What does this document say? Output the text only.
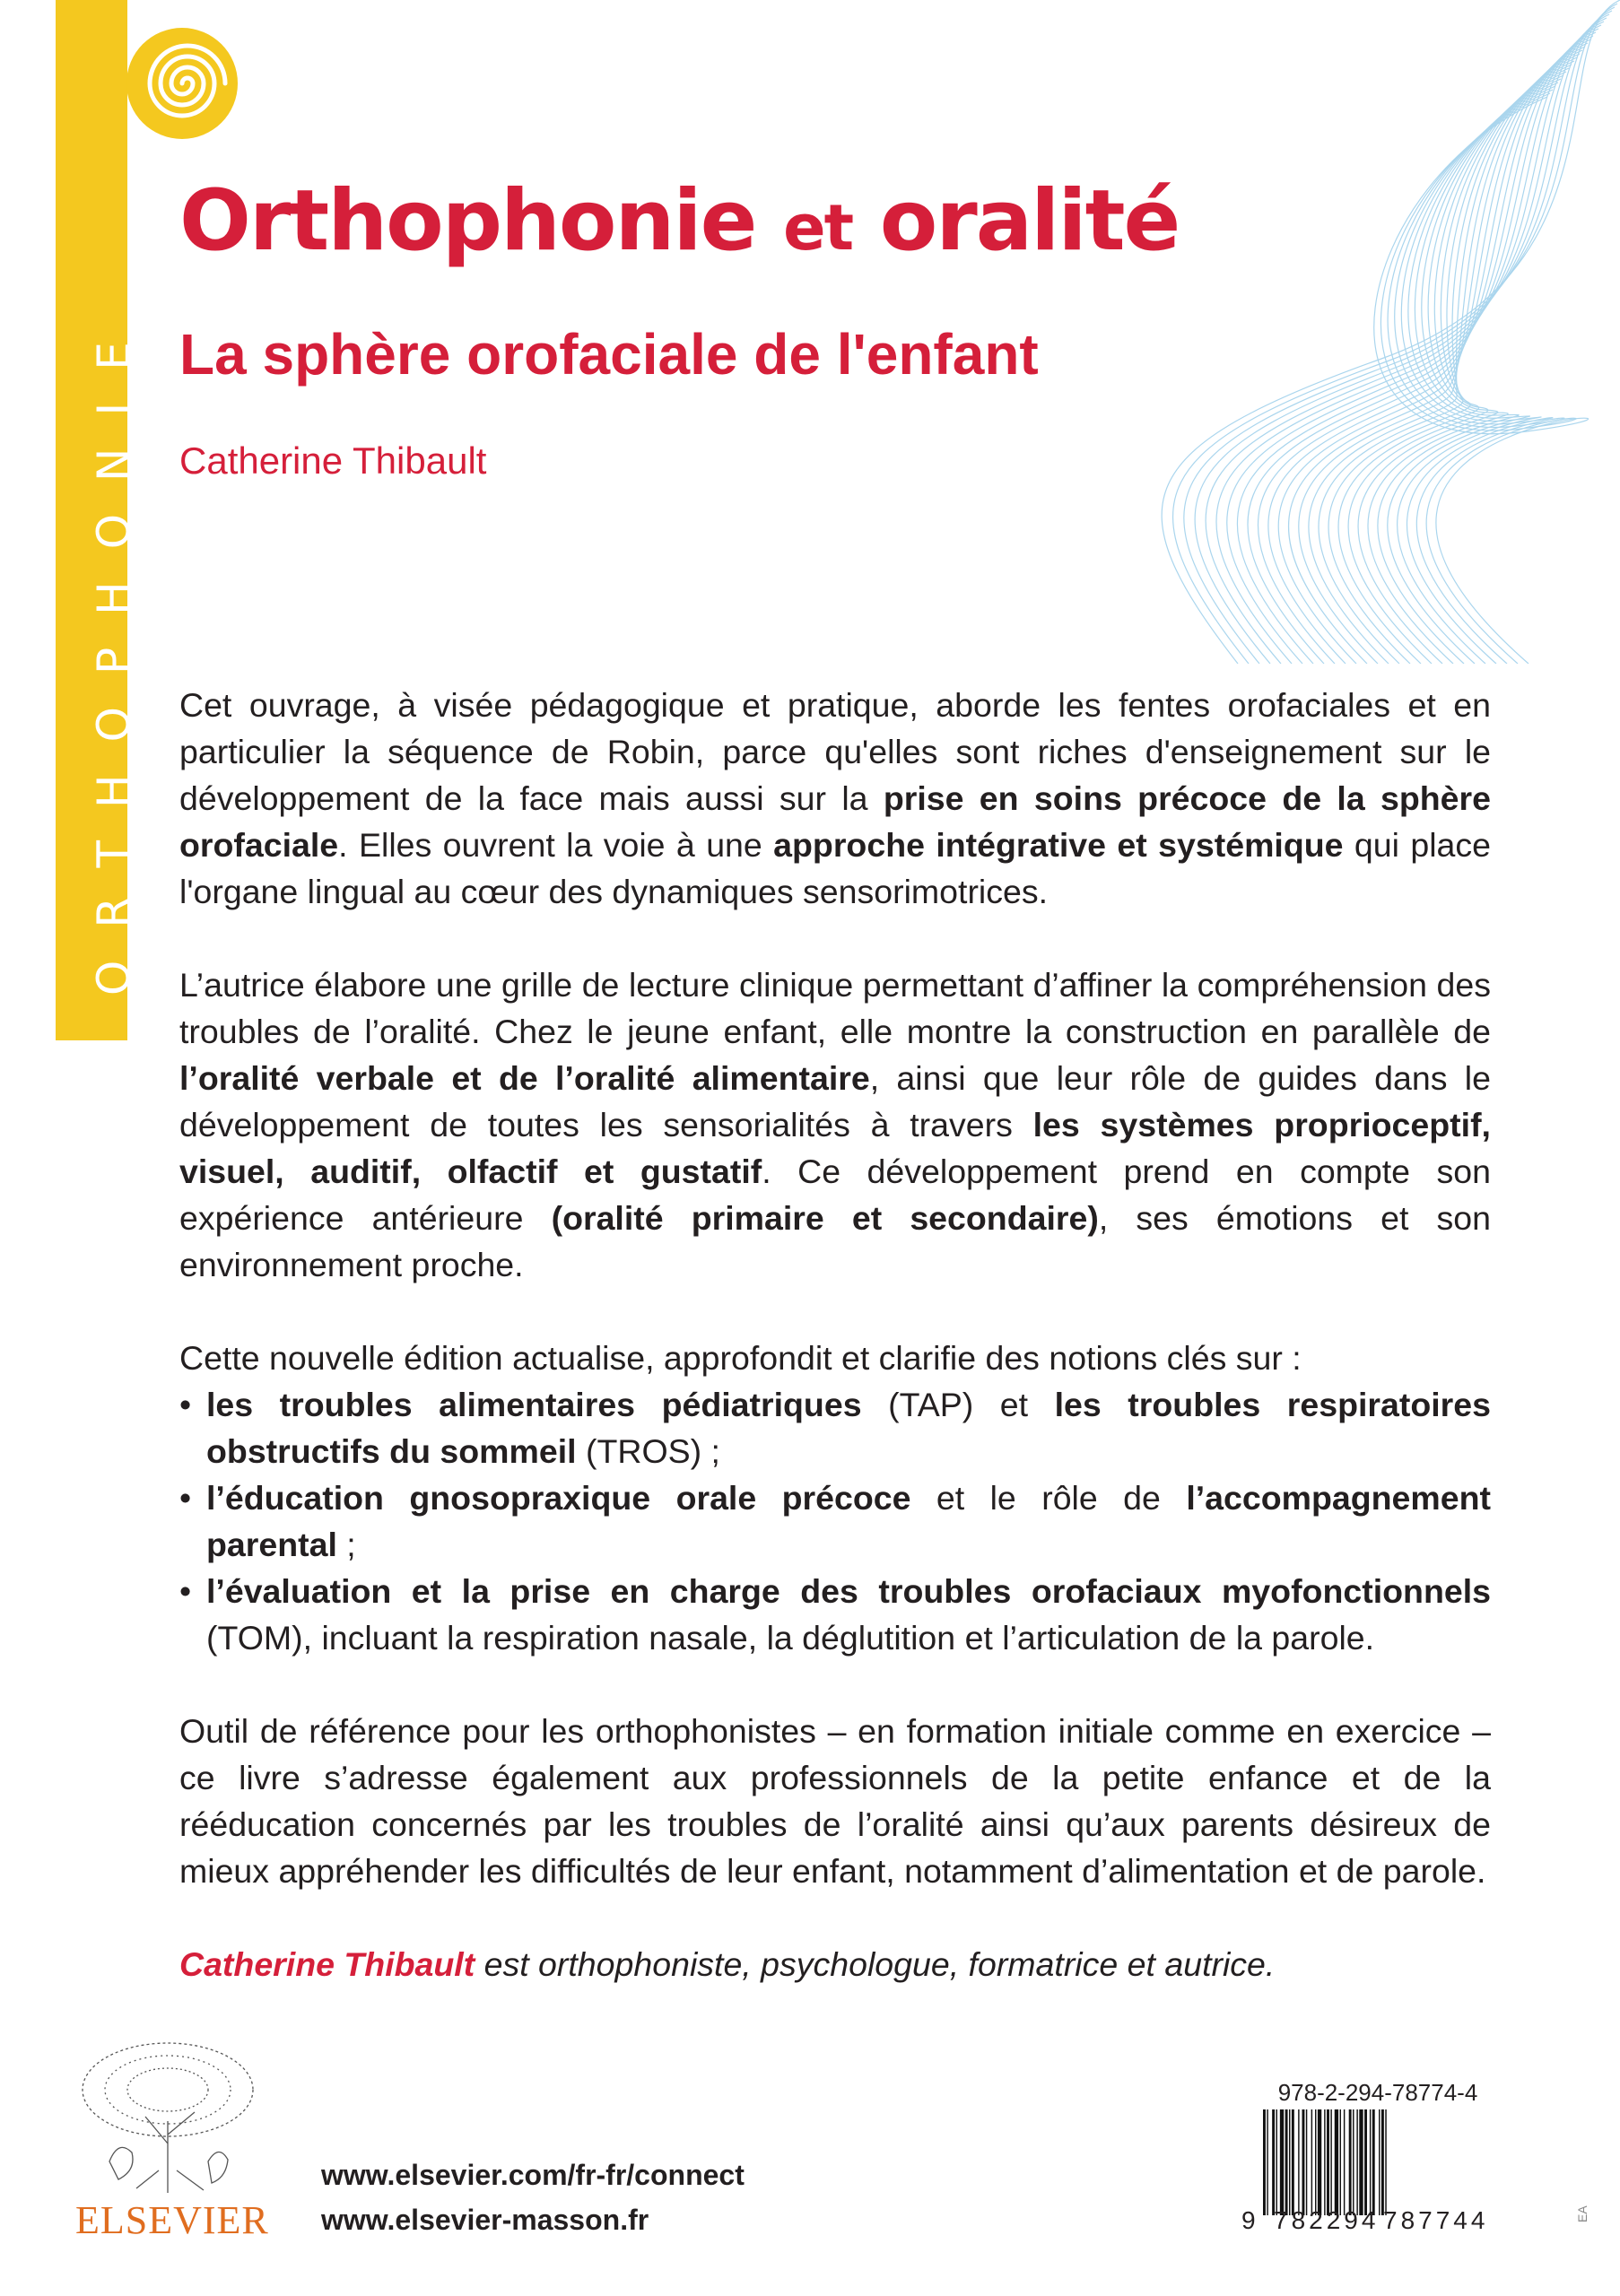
ORTHOPHONIE
Orthophonie et oralité
La sphère orofaciale de l'enfant
Catherine Thibault

Cet ouvrage, à visée pédagogique et pratique, aborde les fentes orofaciales et en particulier la séquence de Robin, parce qu'elles sont riches d'enseignement sur le développement de la face mais aussi sur la prise en soins précoce de la sphère orofaciale. Elles ouvrent la voie à une approche intégrative et systémique qui place l'organe lingual au cœur des dynamiques sensorimotrices.

L’autrice élabore une grille de lecture clinique permettant d’affiner la compréhension des troubles de l’oralité. Chez le jeune enfant, elle montre la construction en parallèle de l’oralité verbale et de l’oralité alimentaire, ainsi que leur rôle de guides dans le développement de toutes les sensorialités à travers les systèmes proprioceptif, visuel, auditif, olfactif et gustatif. Ce développement prend en compte son expérience antérieure (oralité primaire et secondaire), ses émotions et son environnement proche.

Cette nouvelle édition actualise, approfondit et clarifie des notions clés sur :

• les troubles alimentaires pédiatriques (TAP) et les troubles respiratoires obstructifs du sommeil (TROS) ;
• l’éducation gnosopraxique orale précoce et le rôle de l’accompagnement parental ;
• l’évaluation et la prise en charge des troubles orofaciaux myofonctionnels (TOM), incluant la respiration nasale, la déglutition et l’articulation de la parole.

Outil de référence pour les orthophonistes – en formation initiale comme en exercice – ce livre s’adresse également aux professionnels de la petite enfance et de la rééducation concernés par les troubles de l’oralité ainsi qu’aux parents désireux de mieux appréhender les difficultés de leur enfant, notamment d’alimentation et de parole.

Catherine Thibault est orthophoniste, psychologue, formatrice et autrice.

ELSEVIER
www.elsevier.com/fr-fr/connect
www.elsevier-masson.fr
978-2-294-78774-4
9 782294 787744	EA
